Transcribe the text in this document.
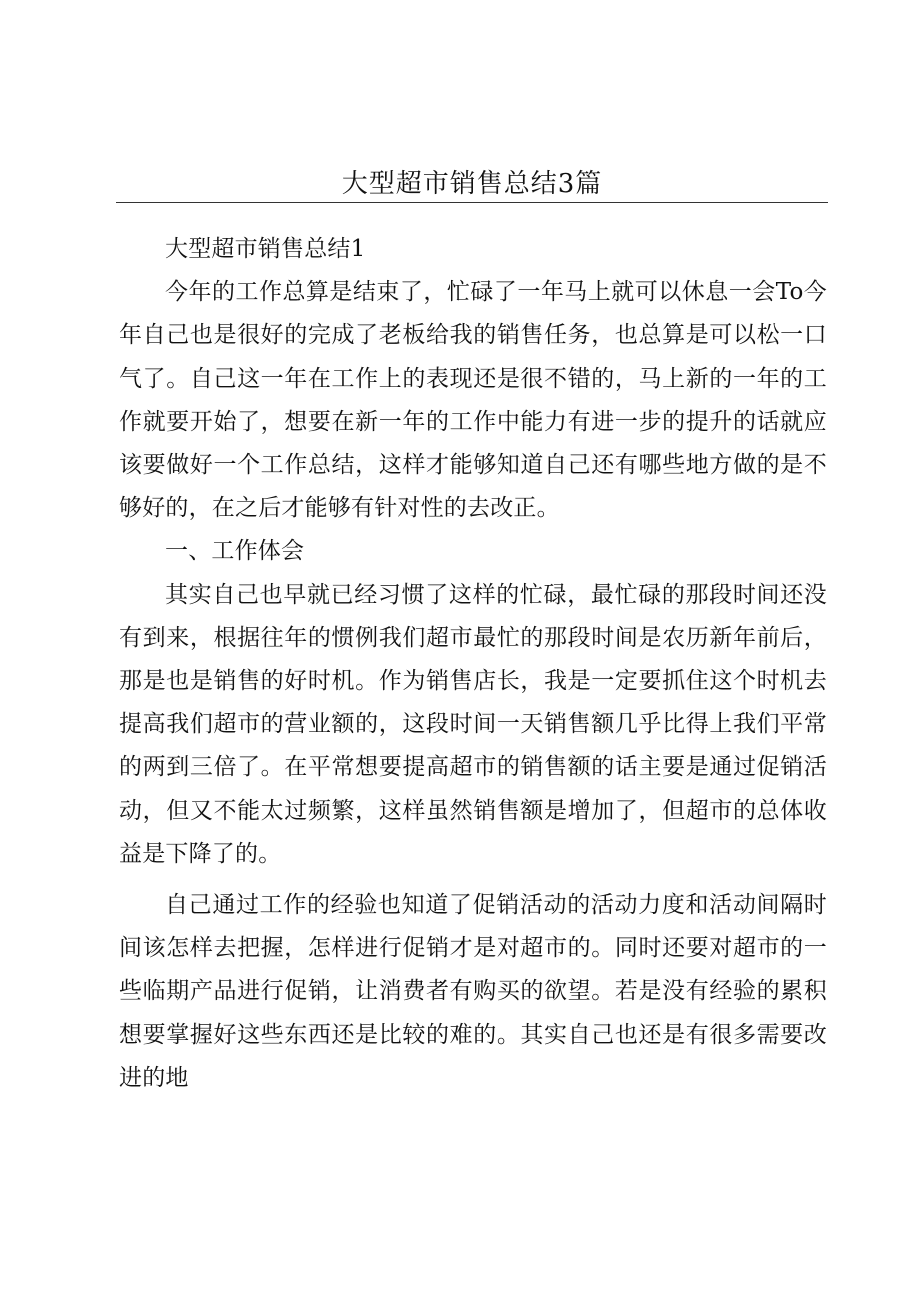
大型超市销售总结3篇

大型超市销售总结1

今年的工作总算是结束了，忙碌了一年马上就可以休息一会To今年自己也是很好的完成了老板给我的销售任务，也总算是可以松一口气了。自己这一年在工作上的表现还是很不错的，马上新的一年的工作就要开始了，想要在新一年的工作中能力有进一步的提升的话就应该要做好一个工作总结，这样才能够知道自己还有哪些地方做的是不够好的，在之后才能够有针对性的去改正。

一、工作体会

其实自己也早就已经习惯了这样的忙碌，最忙碌的那段时间还没有到来，根据往年的惯例我们超市最忙的那段时间是农历新年前后，那是也是销售的好时机。作为销售店长，我是一定要抓住这个时机去提高我们超市的营业额的，这段时间一天销售额几乎比得上我们平常的两到三倍了。在平常想要提高超市的销售额的话主要是通过促销活动，但又不能太过频繁，这样虽然销售额是增加了，但超市的总体收益是下降了的。

自己通过工作的经验也知道了促销活动的活动力度和活动间隔时间该怎样去把握，怎样进行促销才是对超市的。同时还要对超市的一些临期产品进行促销，让消费者有购买的欲望。若是没有经验的累积想要掌握好这些东西还是比较的难的。其实自己也还是有很多需要改进的地
